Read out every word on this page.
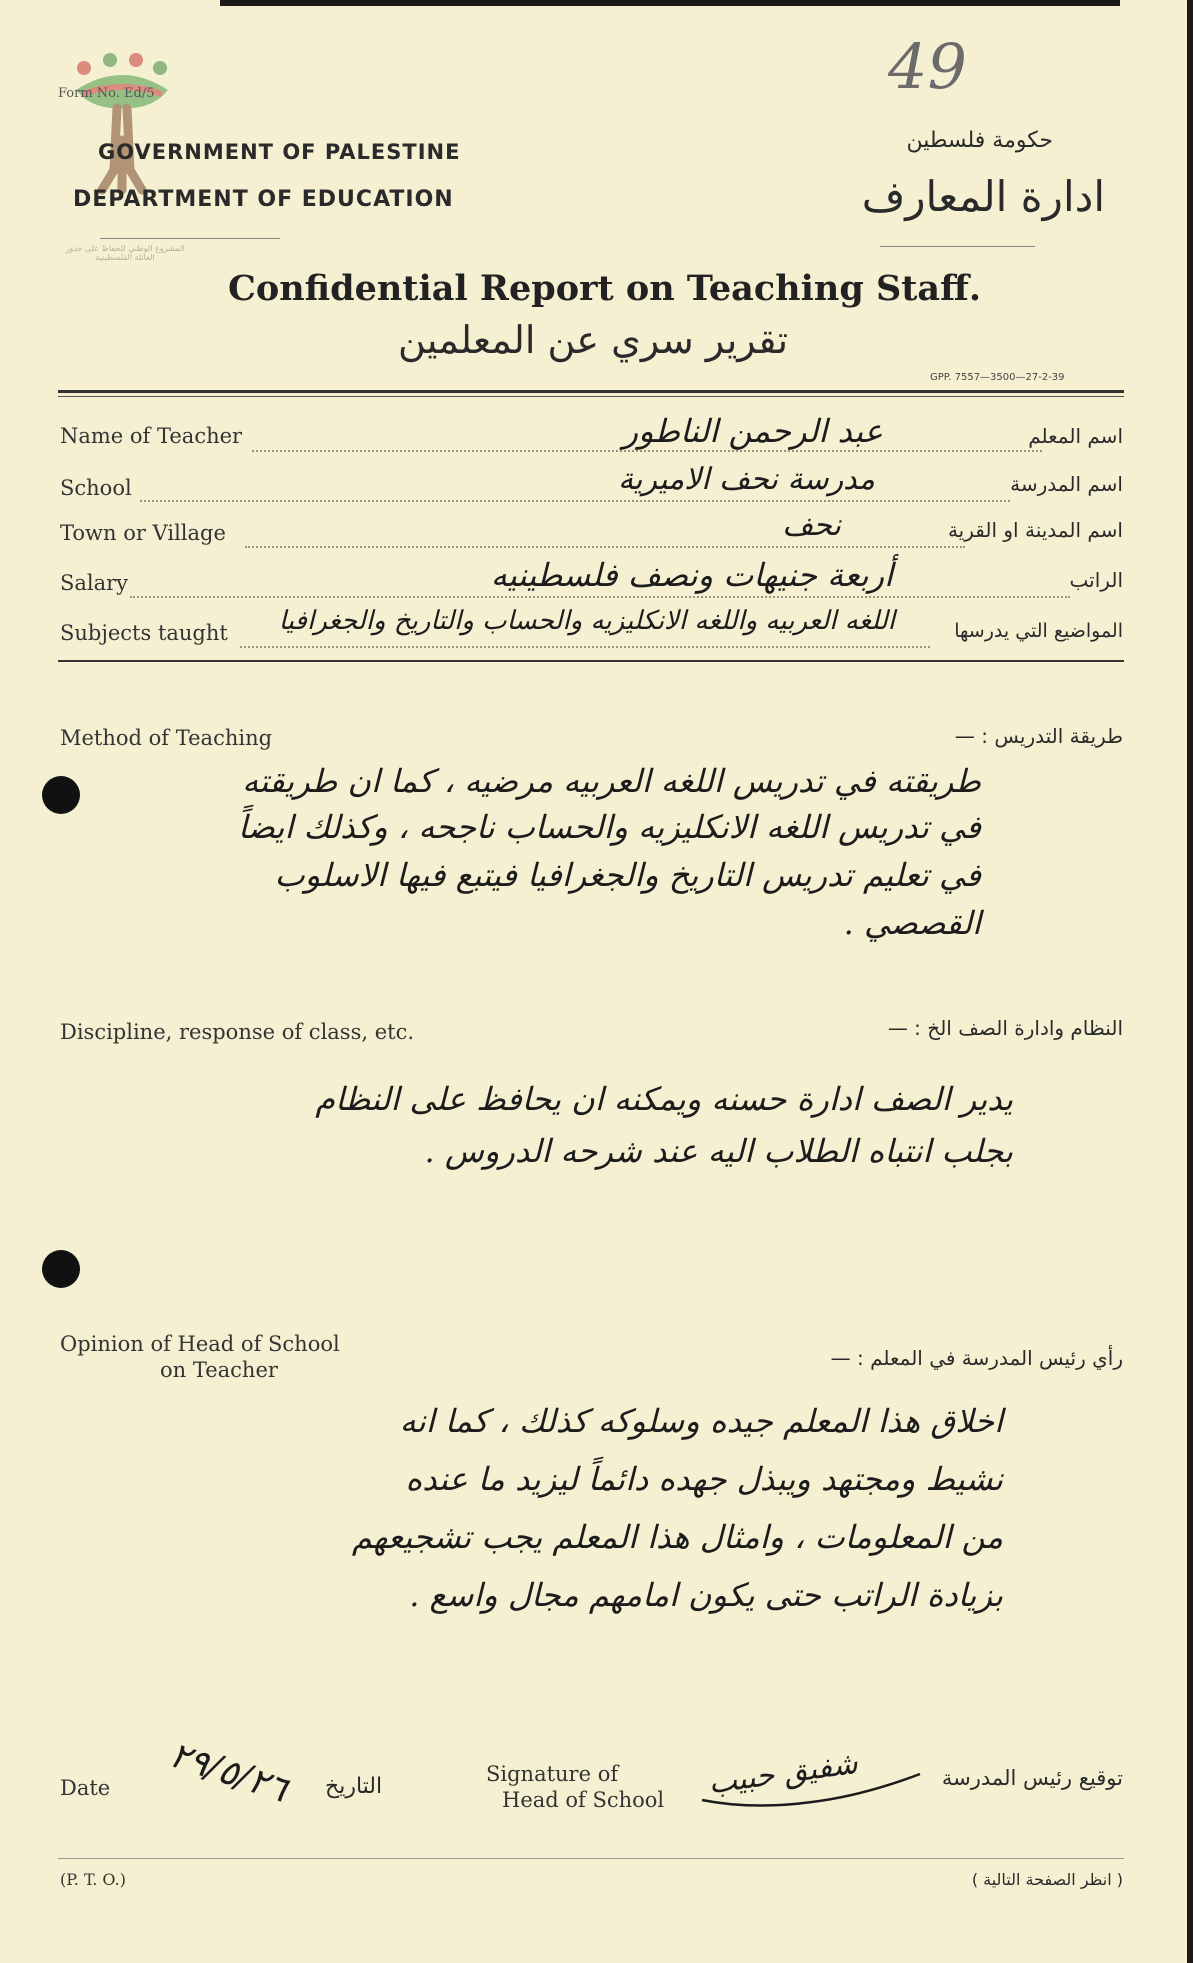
49
Form No. Ed/5
GOVERNMENT OF PALESTINE
DEPARTMENT OF EDUCATION
حكومة فلسطين
ادارة المعارف
المشروع الوطني للحفاظ على جذور العائلة الفلسطينية
Confidential Report on Teaching Staff.
تقرير سري عن المعلمين
GPP. 7557—3500—27-2-39
Name of Teacher	عبد الرحمن الناطور	اسم المعلم
School	مدرسة نحف الاميرية	اسم المدرسة
Town or Village	نحف	اسم المدينة او القرية
Salary	أربعة جنيهات ونصف فلسطينيه	الراتب
Subjects taught اللغه العربيه واللغه الانكليزيه والحساب والتاريخ والجغرافيا	المواضيع التي يدرسها
Method of Teaching	طريقة التدريس : —
طريقته في تدريس اللغه العربيه مرضيه ، كما ان طريقته
في تدريس اللغه الانكليزيه والحساب ناجحه ، وكذلك ايضاً
في تعليم تدريس التاريخ والجغرافيا فيتبع فيها الاسلوب
القصصي .
Discipline, response of class, etc.	النظام وادارة الصف الخ : —
يدير الصف ادارة حسنه ويمكنه ان يحافظ على النظام
بجلب انتباه الطلاب اليه عند شرحه الدروس .
Opinion of Head of School
on Teacher	رأي رئيس المدرسة في المعلم : —
اخلاق هذا المعلم جيده وسلوكه كذلك ، كما انه
نشيط ومجتهد ويبذل جهده دائماً ليزيد ما عنده
من المعلومات ، وامثال هذا المعلم يجب تشجيعهم
بزيادة الراتب حتى يكون امامهم مجال واسع .
Date ٢٩/٥/٢٦ التاريخ	Signature of
Head of School شفيق حبيب	توقيع رئيس المدرسة
(P. T. O.)	( انظر الصفحة التالية )
